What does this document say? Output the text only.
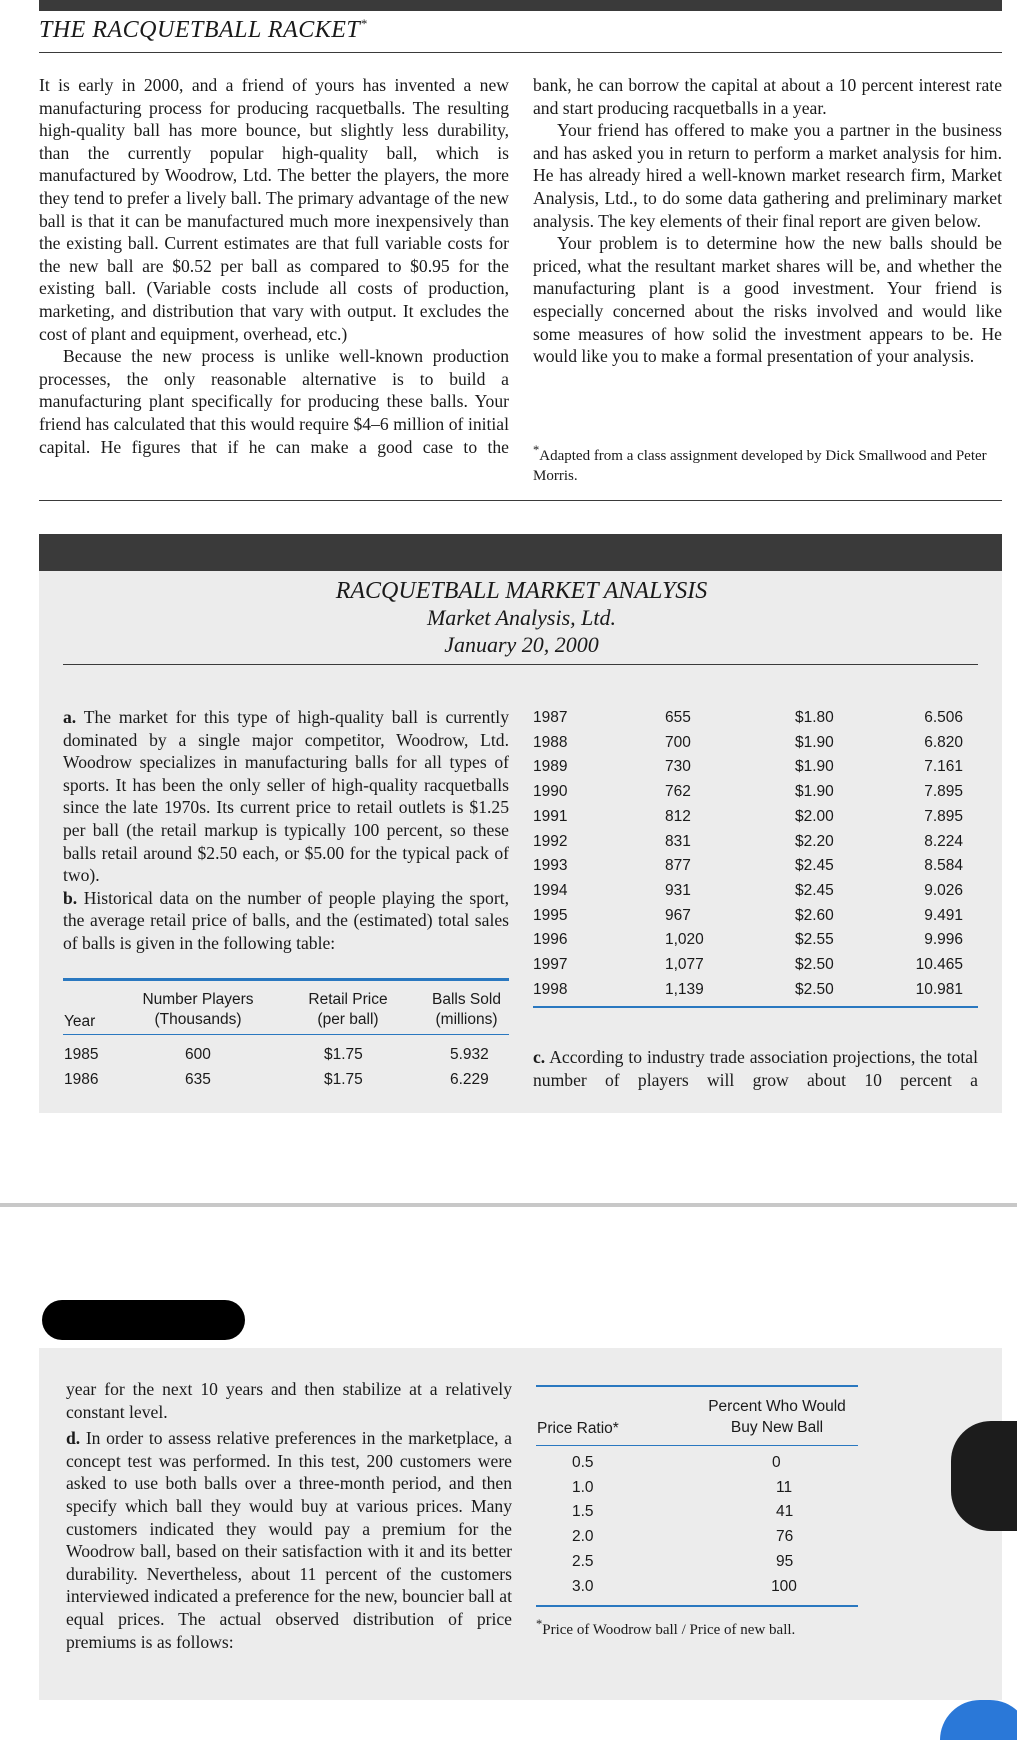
THE RACQUETBALL RACKET*

It is early in 2000, and a friend of yours has invented a new manufacturing process for producing racquetballs. The resulting high-quality ball has more bounce, but slightly less durability, than the currently popular high-quality ball, which is manufactured by Woodrow, Ltd. The better the players, the more they tend to prefer a lively ball. The primary advantage of the new ball is that it can be manufactured much more inexpensively than the existing ball. Current estimates are that full variable costs for the new ball are $0.52 per ball as compared to $0.95 for the existing ball. (Variable costs include all costs of production, marketing, and distribution that vary with output. It excludes the cost of plant and equipment, overhead, etc.)

Because the new process is unlike well-known production processes, the only reasonable alternative is to build a manufacturing plant specifically for producing these balls. Your friend has calculated that this would require $4–6 million of initial capital. He figures that if he can make a good case to the

bank, he can borrow the capital at about a 10 percent interest rate and start producing racquetballs in a year.

Your friend has offered to make you a partner in the business and has asked you in return to perform a market analysis for him. He has already hired a well-known market research firm, Market Analysis, Ltd., to do some data gathering and preliminary market analysis. The key elements of their final report are given below.

Your problem is to determine how the new balls should be priced, what the resultant market shares will be, and whether the manufacturing plant is a good investment. Your friend is especially concerned about the risks involved and would like some measures of how solid the investment appears to be. He would like you to make a formal presentation of your analysis.

*Adapted from a class assignment developed by Dick Smallwood and Peter Morris.
RACQUETBALL MARKET ANALYSIS
Market Analysis, Ltd.
January 20, 2000

a. The market for this type of high-quality ball is currently dominated by a single major competitor, Woodrow, Ltd. Woodrow specializes in manufacturing balls for all types of sports. It has been the only seller of high-quality racquetballs since the late 1970s. Its current price to retail outlets is $1.25 per ball (the retail markup is typically 100 percent, so these balls retail around $2.50 each, or $5.00 for the typical pack of two).

b. Historical data on the number of people playing the sport, the average retail price of balls, and the (estimated) total sales of balls is given in the following table:

Year
Number Players
(Thousands)
Retail Price
(per ball)
Balls Sold
(millions)
1985	600	$1.75	5.932
1986	635	$1.75	6.229
1987	655	$1.80	6.506
1988	700	$1.90	6.820
1989	730	$1.90	7.161
1990	762	$1.90	7.895
1991	812	$2.00	7.895
1992	831	$2.20	8.224
1993	877	$2.45	8.584
1994	931	$2.45	9.026
1995	967	$2.60	9.491
1996	1,020	$2.55	9.996
1997	1,077	$2.50	10.465
1998	1,139	$2.50	10.981

c. According to industry trade association projections, the total number of players will grow about 10 percent a

year for the next 10 years and then stabilize at a relatively constant level.

d. In order to assess relative preferences in the marketplace, a concept test was performed. In this test, 200 customers were asked to use both balls over a three-month period, and then specify which ball they would buy at various prices. Many customers indicated they would pay a premium for the Woodrow ball, based on their satisfaction with it and its better durability. Nevertheless, about 11 percent of the customers interviewed indicated a preference for the new, bouncier ball at equal prices. The actual observed distribution of price premiums is as follows:

Price Ratio*
Percent Who Would
Buy New Ball
0.5	0
1.0	11
1.5	41
2.0	76
2.5	95
3.0	100
*Price of Woodrow ball / Price of new ball.
